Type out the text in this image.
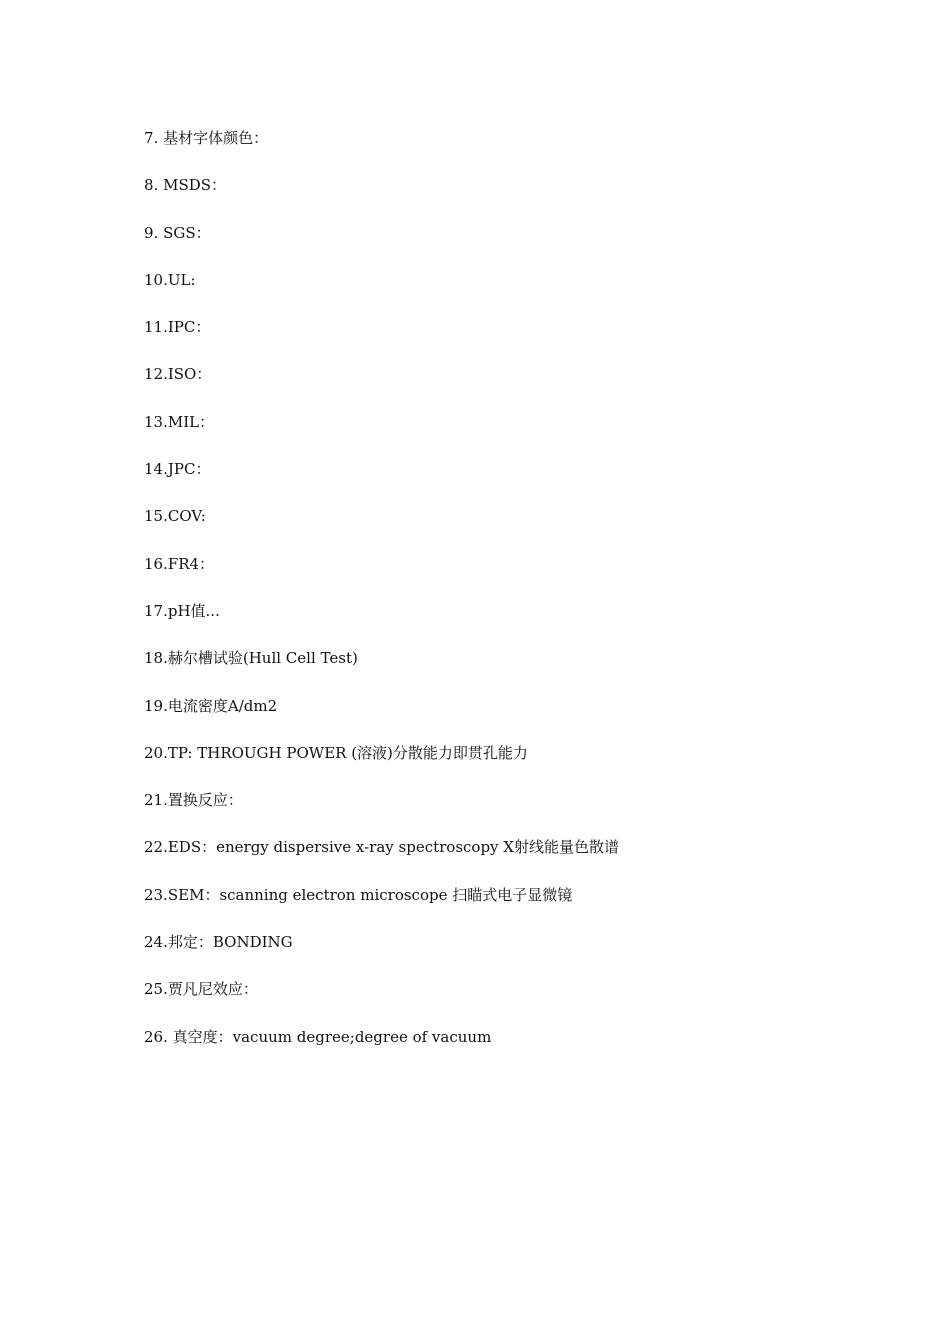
7. 基材字体颜色：
8. MSDS：
9. SGS：
10.UL:
11.IPC：
12.ISO：
13.MIL：
14.JPC：
15.COV:
16.FR4：
17.pH值...
18.赫尔槽试验(Hull Cell Test)
19.电流密度A/dm2
20.TP: THROUGH POWER (溶液)分散能力即贯孔能力
21.置换反应：
22.EDS：energy dispersive x-ray spectroscopy X射线能量色散谱
23.SEM：scanning electron microscope 扫瞄式电子显微镜
24.邦定：BONDING
25.贾凡尼效应：
26. 真空度：vacuum degree;degree of vacuum
